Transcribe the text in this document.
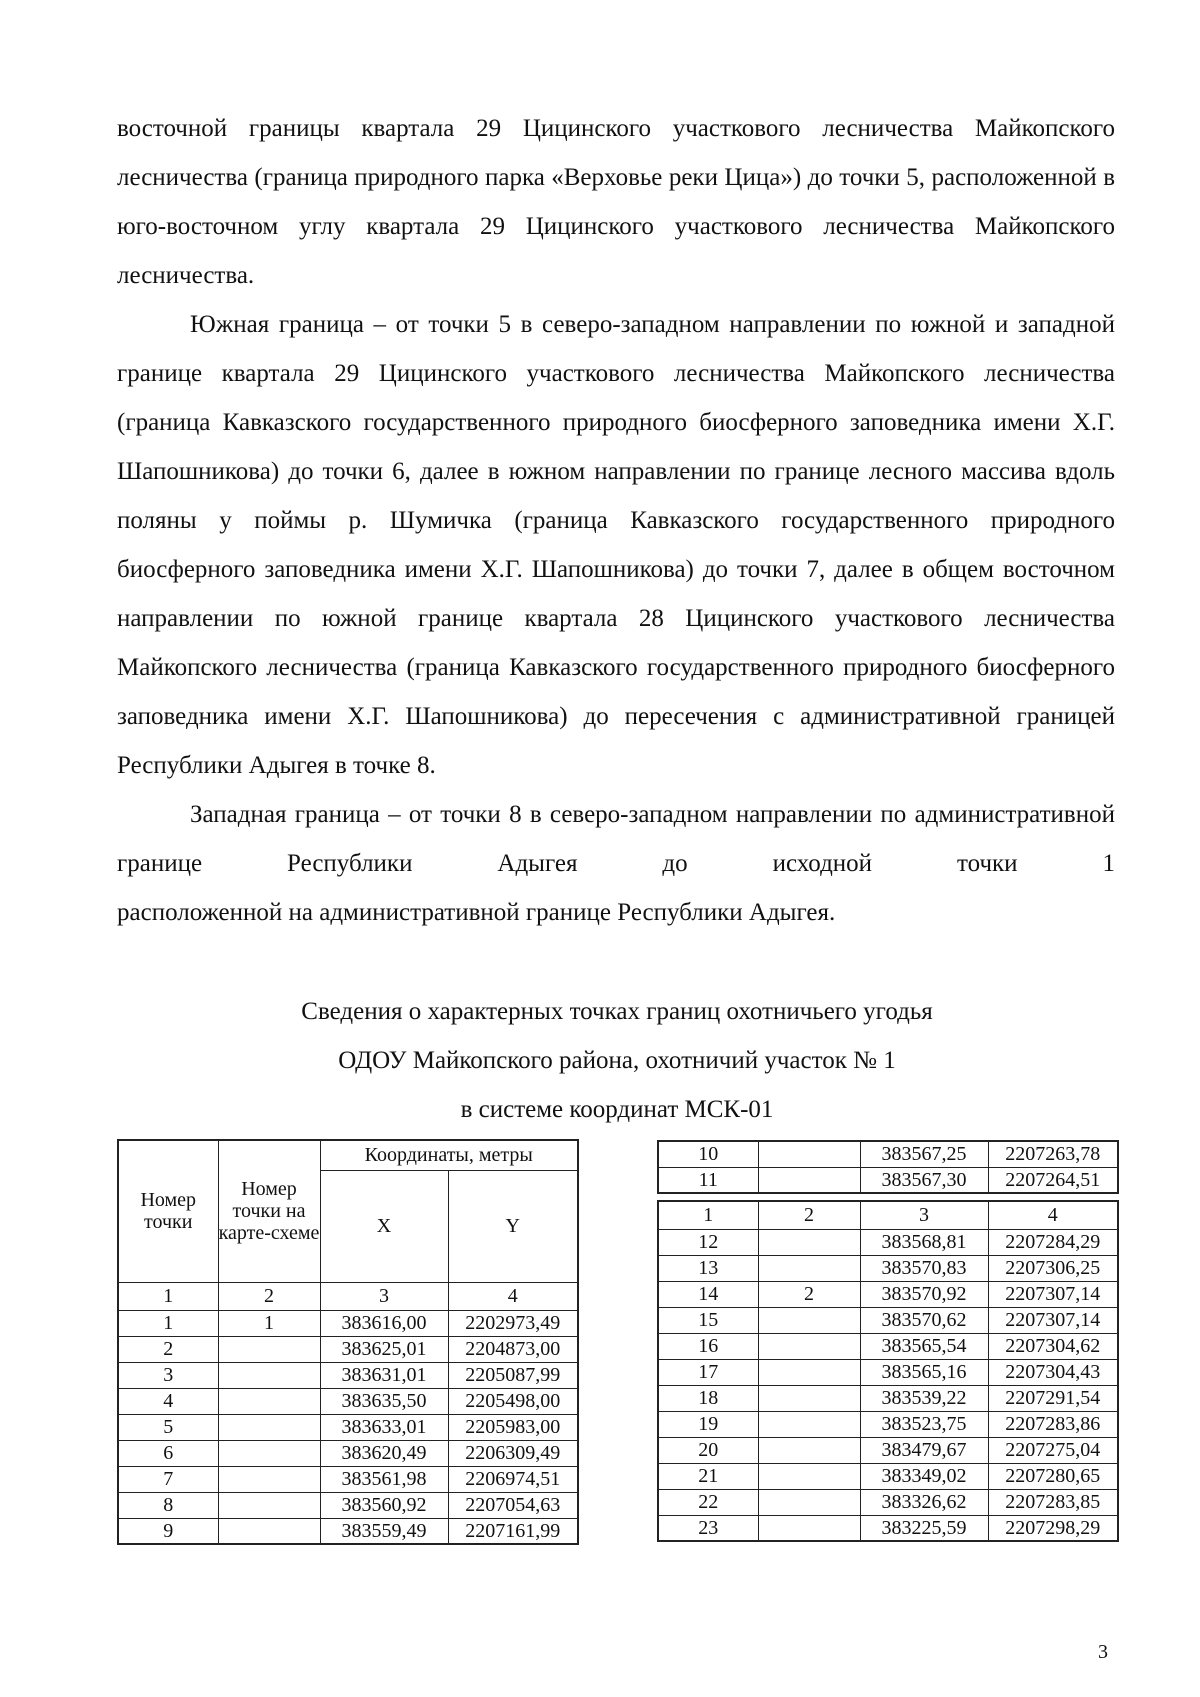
восточной границы квартала 29 Цицинского участкового лесничества Майкопского лесничества (граница природного парка «Верховье реки Цица») до точки 5, расположенной в юго-восточном углу квартала 29 Цицинского участкового лесничества Майкопского лесничества.

Южная граница – от точки 5 в северо-западном направлении по южной и западной границе квартала 29 Цицинского участкового лесничества Майкопского лесничества (граница Кавказского государственного природного биосферного заповедника имени Х.Г. Шапошникова) до точки 6, далее в южном направлении по границе лесного массива вдоль поляны у поймы р. Шумичка (граница Кавказского государственного природного биосферного заповедника имени Х.Г. Шапошникова) до точки 7, далее в общем восточном направлении по южной границе квартала 28 Цицинского участкового лесничества Майкопского лесничества (граница Кавказского государственного природного биосферного заповедника имени Х.Г. Шапошникова) до пересечения с административной границей Республики Адыгея в точке 8.

Западная граница – от точки 8 в северо-западном направлении по административной границе Республики Адыгея до исходной точки 1

расположенной на административной границе Республики Адыгея.

Сведения о характерных точках границ охотничьего угодья

ОДОУ Майкопского района, охотничий участок № 1

в системе координат МСК-01

Номер точки	Номер точки на карте-схеме	Координаты, метры	
		X	Y
1	2	3	4
1	1	383616,00	2202973,49
2		383625,01	2204873,00
3		383631,01	2205087,99
4		383635,50	2205498,00
5		383633,01	2205983,00
6		383620,49	2206309,49
7		383561,98	2206974,51
8		383560,92	2207054,63
9		383559,49	2207161,99
10		383567,25	2207263,78
11		383567,30	2207264,51
1	2	3	4
12		383568,81	2207284,29
13		383570,83	2207306,25
14	2	383570,92	2207307,14
15		383570,62	2207307,14
16		383565,54	2207304,62
17		383565,16	2207304,43
18		383539,22	2207291,54
19		383523,75	2207283,86
20		383479,67	2207275,04
21		383349,02	2207280,65
22		383326,62	2207283,85
23		383225,59	2207298,29
3
